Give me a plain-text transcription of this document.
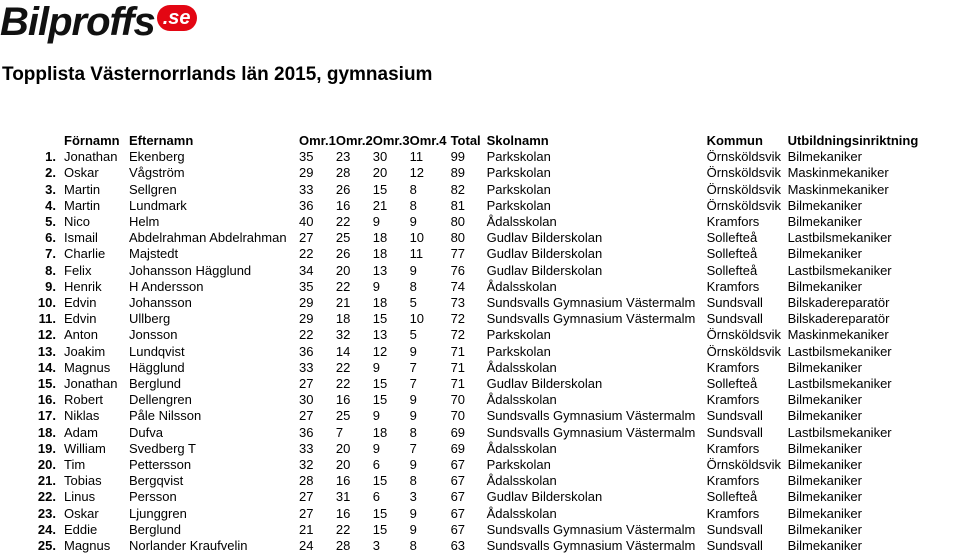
Bilproffs .se
Topplista Västernorrlands län 2015, gymnasium
	Förnamn	Efternamn	Omr.1	Omr.2	Omr.3	Omr.4	Total	Skolnamn	Kommun	Utbildningsinriktning
1.	Jonathan	Ekenberg	35	23	30	11	99	Parkskolan	Örnsköldsvik	Bilmekaniker
2.	Oskar	Vågström	29	28	20	12	89	Parkskolan	Örnsköldsvik	Maskinmekaniker
3.	Martin	Sellgren	33	26	15	8	82	Parkskolan	Örnsköldsvik	Maskinmekaniker
4.	Martin	Lundmark	36	16	21	8	81	Parkskolan	Örnsköldsvik	Bilmekaniker
5.	Nico	Helm	40	22	9	9	80	Ådalsskolan	Kramfors	Bilmekaniker
6.	Ismail	Abdelrahman Abdelrahman	27	25	18	10	80	Gudlav Bilderskolan	Sollefteå	Lastbilsmekaniker
7.	Charlie	Majstedt	22	26	18	11	77	Gudlav Bilderskolan	Sollefteå	Bilmekaniker
8.	Felix	Johansson Hägglund	34	20	13	9	76	Gudlav Bilderskolan	Sollefteå	Lastbilsmekaniker
9.	Henrik	H Andersson	35	22	9	8	74	Ådalsskolan	Kramfors	Bilmekaniker
10.	Edvin	Johansson	29	21	18	5	73	Sundsvalls Gymnasium Västermalm	Sundsvall	Bilskadereparatör
11.	Edvin	Ullberg	29	18	15	10	72	Sundsvalls Gymnasium Västermalm	Sundsvall	Bilskadereparatör
12.	Anton	Jonsson	22	32	13	5	72	Parkskolan	Örnsköldsvik	Maskinmekaniker
13.	Joakim	Lundqvist	36	14	12	9	71	Parkskolan	Örnsköldsvik	Lastbilsmekaniker
14.	Magnus	Hägglund	33	22	9	7	71	Ådalsskolan	Kramfors	Bilmekaniker
15.	Jonathan	Berglund	27	22	15	7	71	Gudlav Bilderskolan	Sollefteå	Lastbilsmekaniker
16.	Robert	Dellengren	30	16	15	9	70	Ådalsskolan	Kramfors	Bilmekaniker
17.	Niklas	Påle Nilsson	27	25	9	9	70	Sundsvalls Gymnasium Västermalm	Sundsvall	Bilmekaniker
18.	Adam	Dufva	36	7	18	8	69	Sundsvalls Gymnasium Västermalm	Sundsvall	Lastbilsmekaniker
19.	William	Svedberg T	33	20	9	7	69	Ådalsskolan	Kramfors	Bilmekaniker
20.	Tim	Pettersson	32	20	6	9	67	Parkskolan	Örnsköldsvik	Bilmekaniker
21.	Tobias	Bergqvist	28	16	15	8	67	Ådalsskolan	Kramfors	Bilmekaniker
22.	Linus	Persson	27	31	6	3	67	Gudlav Bilderskolan	Sollefteå	Bilmekaniker
23.	Oskar	Ljunggren	27	16	15	9	67	Ådalsskolan	Kramfors	Bilmekaniker
24.	Eddie	Berglund	21	22	15	9	67	Sundsvalls Gymnasium Västermalm	Sundsvall	Bilmekaniker
25.	Magnus	Norlander Kraufvelin	24	28	3	8	63	Sundsvalls Gymnasium Västermalm	Sundsvall	Bilmekaniker
